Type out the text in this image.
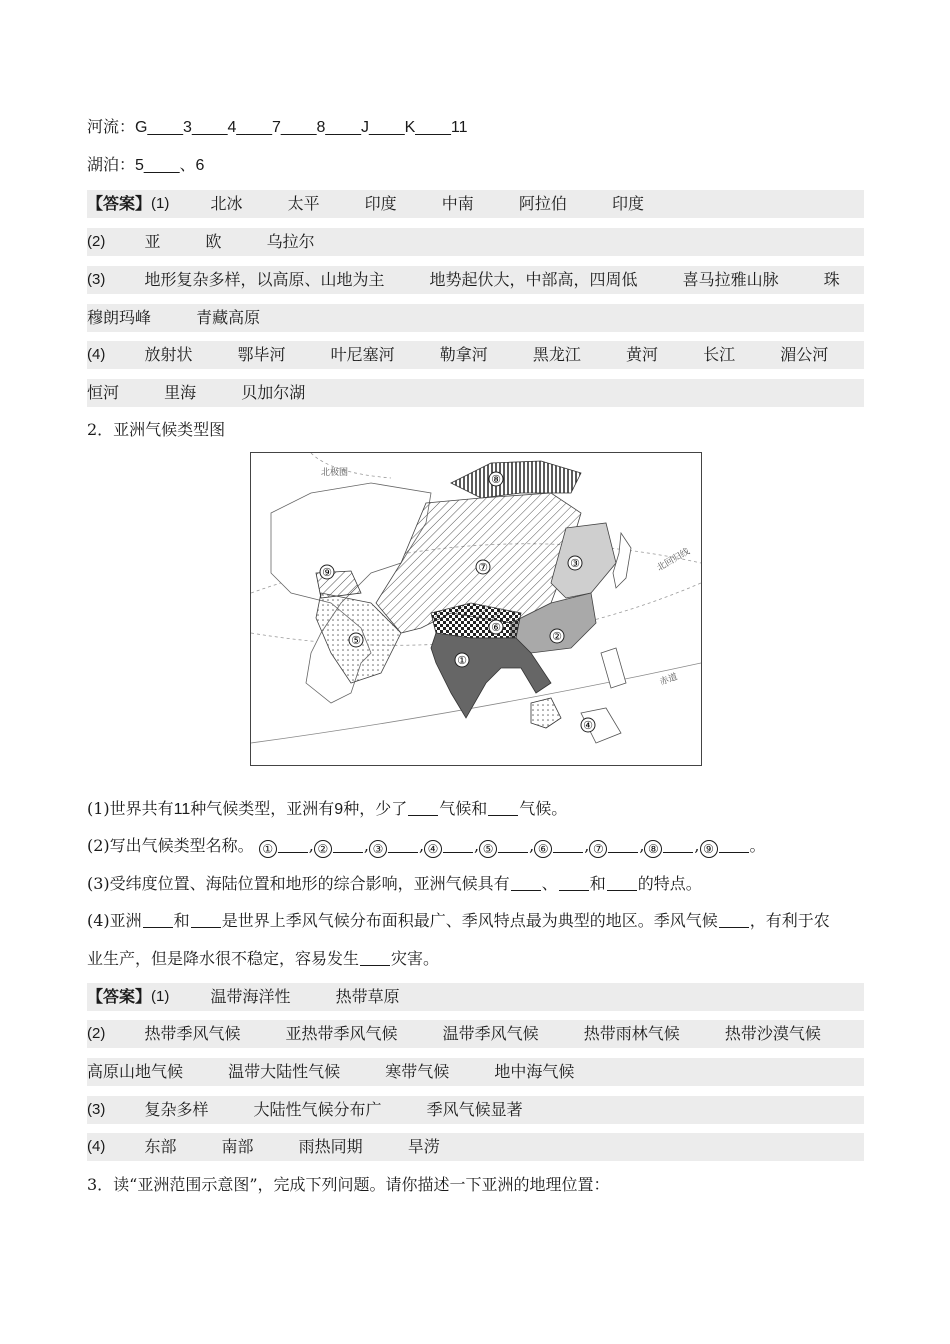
河流：G____3____4____7____8____J____K____11
湖泊：5____、6
【答案】(1)	北冰	太平	印度	中南	阿拉伯	印度
(2) 亚	欧	乌拉尔
(3) 地形复杂多样，以高原、山地为主	地势起伏大，中部高，四周低	喜马拉雅山脉	珠
穆朗玛峰	青藏高原
(4) 放射状	鄂毕河	叶尼塞河	勒拿河	黑龙江	黄河	长江	湄公河
恒河	里海	贝加尔湖
2．亚洲气候类型图
①
②
③
④
⑤
⑥
⑦
⑧
⑨
北极圈
北回归线
赤道
(1)世界共有11种气候类型，亚洲有9种，少了 气候和 气候。
(2)写出气候类型名称。 ① , ② , ③ , ④ , ⑤ , ⑥ , ⑦ , ⑧ , ⑨ 。
(3)受纬度位置、海陆位置和地形的综合影响，亚洲气候具有 、 和 的特点。
(4)亚洲 和 是世界上季风气候分布面积最广、季风特点最为典型的地区。季风气候 ，有利于农
业生产，但是降水很不稳定，容易发生 灾害。
【答案】(1)	温带海洋性	热带草原
(2) 热带季风气候	亚热带季风气候	温带季风气候	热带雨林气候	热带沙漠气候
高原山地气候	温带大陆性气候	寒带气候	地中海气候
(3) 复杂多样	大陆性气候分布广	季风气候显著
(4) 东部	南部	雨热同期	旱涝
3．读“亚洲范围示意图”，完成下列问题。请你描述一下亚洲的地理位置：
